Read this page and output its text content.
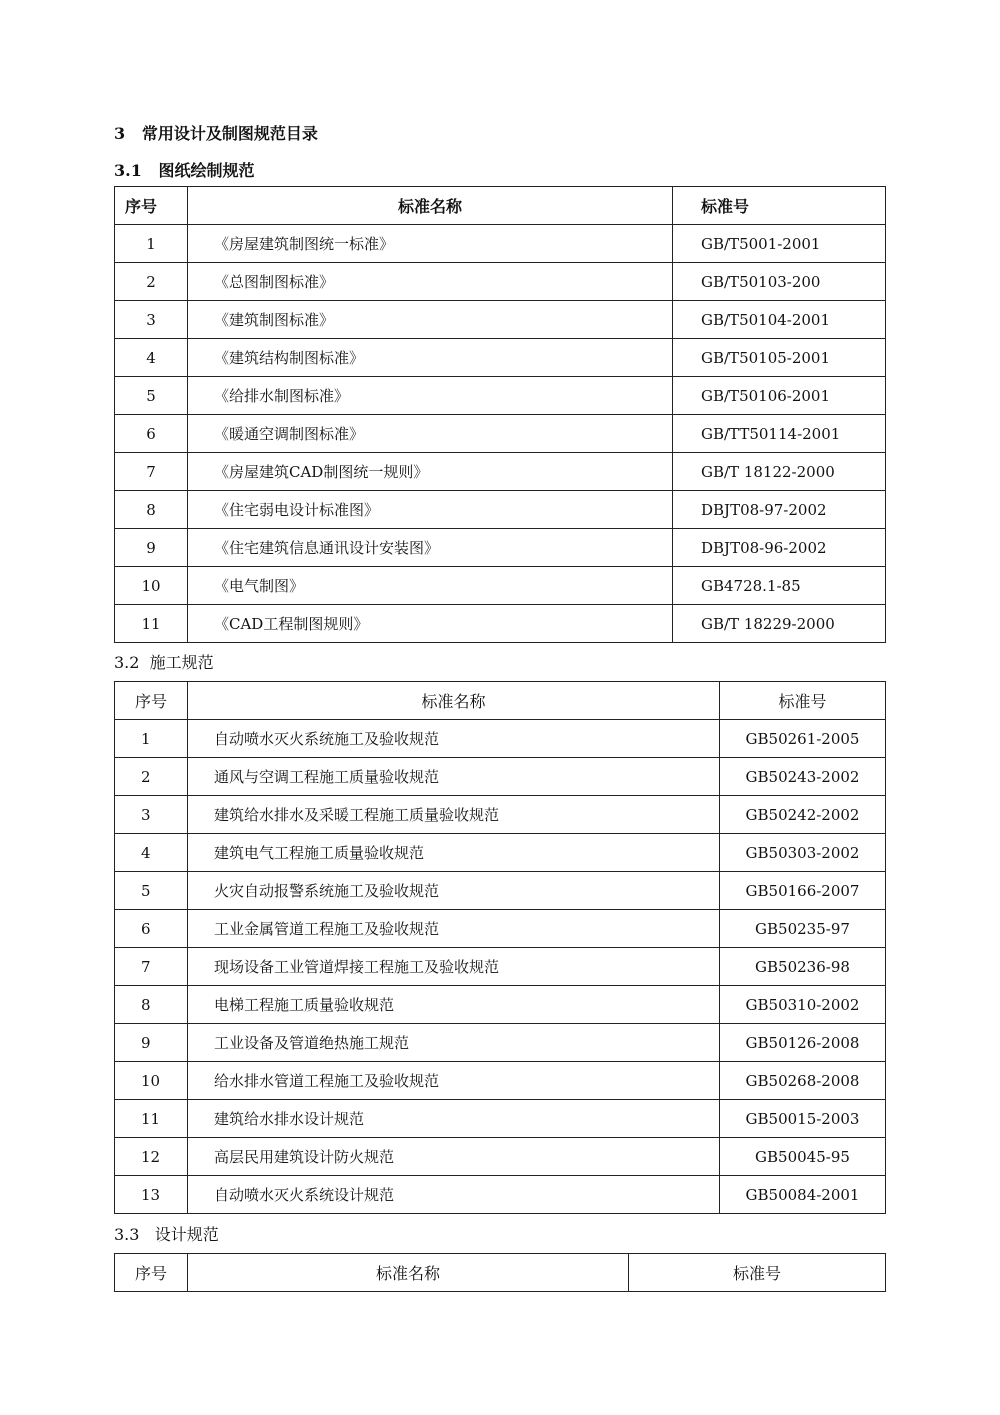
3   常用设计及制图规范目录
3.1   图纸绘制规范
序号	标准名称	标准号
1	《房屋建筑制图统一标准》	GB/T5001-2001
2	《总图制图标准》	GB/T50103-200
3	《建筑制图标准》	GB/T50104-2001
4	《建筑结构制图标准》	GB/T50105-2001
5	《给排水制图标准》	GB/T50106-2001
6	《暖通空调制图标准》	GB/TT50114-2001
7	《房屋建筑CAD制图统一规则》	GB/T 18122-2000
8	《住宅弱电设计标准图》	DBJT08-97-2002
9	《住宅建筑信息通讯设计安装图》	DBJT08-96-2002
10	《电气制图》	GB4728.1-85
11	《CAD工程制图规则》	GB/T 18229-2000
3.2  施工规范
序号	标准名称	标准号
1	自动喷水灭火系统施工及验收规范	GB50261-2005
2	通风与空调工程施工质量验收规范	GB50243-2002
3	建筑给水排水及采暖工程施工质量验收规范	GB50242-2002
4	建筑电气工程施工质量验收规范	GB50303-2002
5	火灾自动报警系统施工及验收规范	GB50166-2007
6	工业金属管道工程施工及验收规范	GB50235-97
7	现场设备工业管道焊接工程施工及验收规范	GB50236-98
8	电梯工程施工质量验收规范	GB50310-2002
9	工业设备及管道绝热施工规范	GB50126-2008
10	给水排水管道工程施工及验收规范	GB50268-2008
11	建筑给水排水设计规范	GB50015-2003
12	高层民用建筑设计防火规范	GB50045-95
13	自动喷水灭火系统设计规范	GB50084-2001
3.3   设计规范
序号	标准名称	标准号
